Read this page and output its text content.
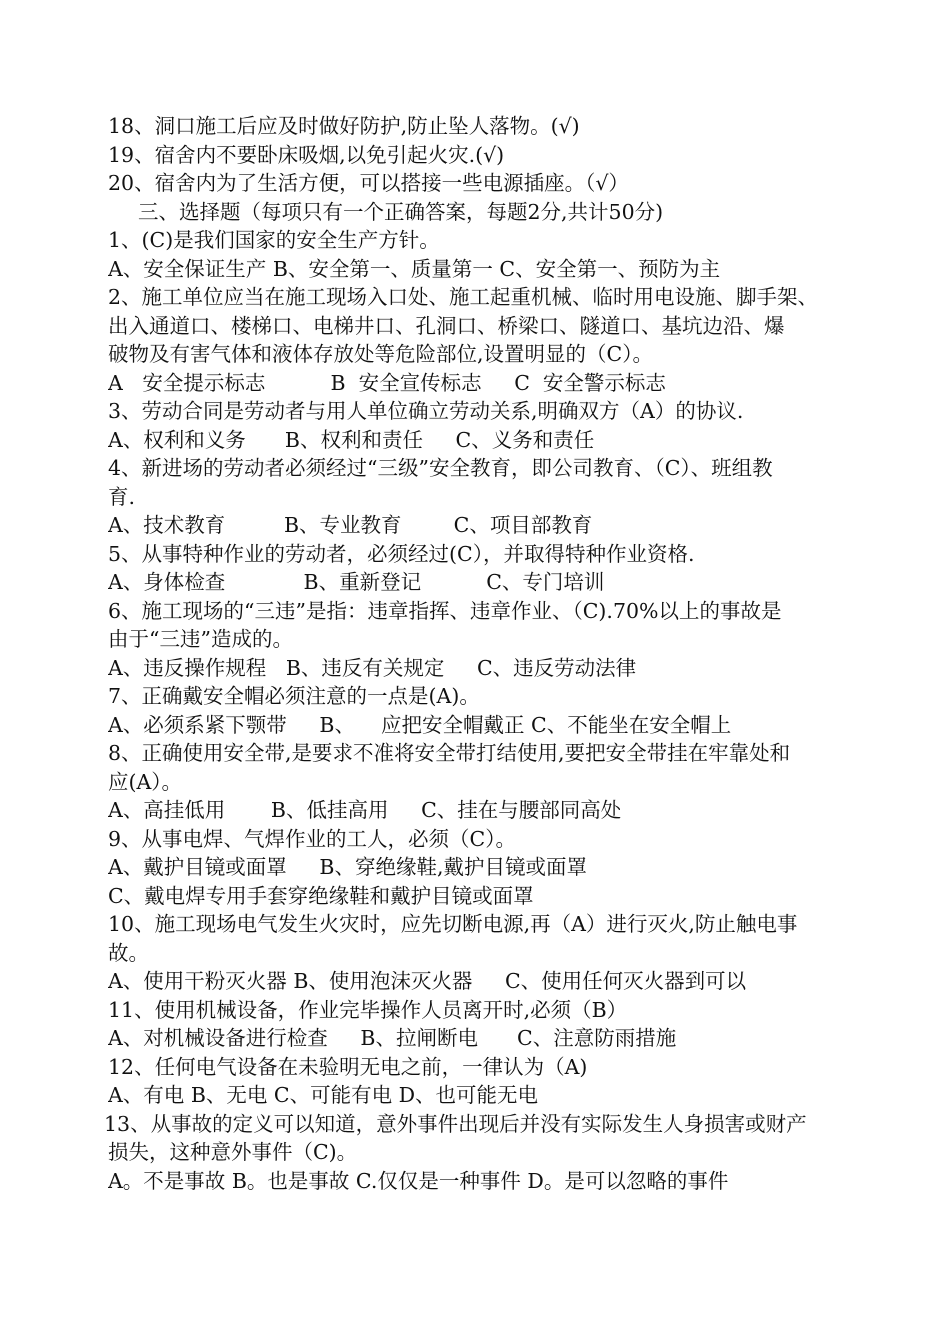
18、洞口施工后应及时做好防护,防止坠人落物。(√)
19、宿舍内不要卧床吸烟,以免引起火灾.(√)
20、宿舍内为了生活方便，可以搭接一些电源插座。（√）
三、选择题（每项只有一个正确答案，每题2分,共计50分)
1、(C)是我们国家的安全生产方针。
A、安全保证生产 B、安全第一、质量第一 C、安全第一、预防为主
2、施工单位应当在施工现场入口处、施工起重机械、临时用电设施、脚手架、
出入通道口、楼梯口、电梯井口、孔洞口、桥梁口、隧道口、基坑边沿、爆
破物及有害气体和液体存放处等危险部位,设置明显的（C）。
A   安全提示标志          B  安全宣传标志     C  安全警示标志
3、劳动合同是劳动者与用人单位确立劳动关系,明确双方（A）的协议.
A、权利和义务      B、权利和责任     C、义务和责任
4、新进场的劳动者必须经过“三级”安全教育，即公司教育、（C）、班组教
育.
A、技术教育         B、专业教育        C、项目部教育
5、从事特种作业的劳动者，必须经过(C），并取得特种作业资格.
A、身体检查            B、重新登记          C、专门培训
6、施工现场的“三违”是指：违章指挥、违章作业、（C).70%以上的事故是
由于“三违”造成的。
A、违反操作规程   B、违反有关规定     C、违反劳动法律
7、正确戴安全帽必须注意的一点是(A)。
A、必须系紧下颚带     B、    应把安全帽戴正 C、不能坐在安全帽上
8、正确使用安全带,是要求不准将安全带打结使用,要把安全带挂在牢靠处和
应(A）。
A、高挂低用       B、低挂高用     C、挂在与腰部同高处
9、从事电焊、气焊作业的工人，必须（C）。
A、戴护目镜或面罩     B、穿绝缘鞋,戴护目镜或面罩
C、戴电焊专用手套穿绝缘鞋和戴护目镜或面罩
10、施工现场电气发生火灾时，应先切断电源,再（A）进行灭火,防止触电事
故。
A、使用干粉灭火器 B、使用泡沫灭火器     C、使用任何灭火器到可以
11、使用机械设备，作业完毕操作人员离开时,必须（B）
A、对机械设备进行检查     B、拉闸断电      C、注意防雨措施
12、任何电气设备在未验明无电之前，一律认为（A)
A、有电 B、无电 C、可能有电 D、也可能无电
13、从事故的定义可以知道，意外事件出现后并没有实际发生人身损害或财产
损失，这种意外事件（C)。
A。不是事故 B。也是事故 C.仅仅是一种事件 D。是可以忽略的事件
